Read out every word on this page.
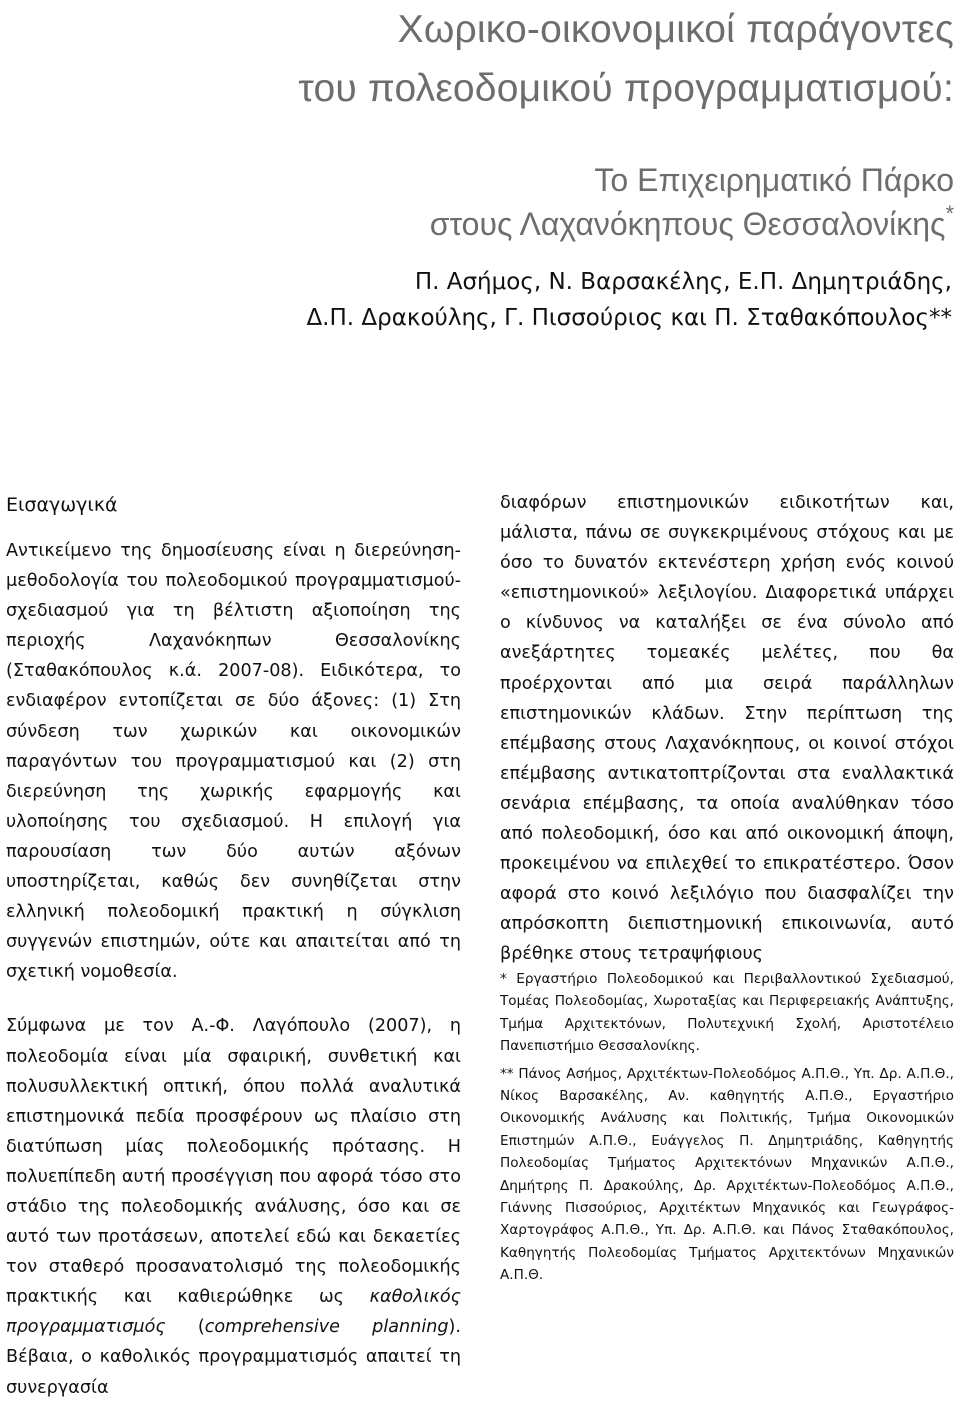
Χωρικο-οικονομικοί παράγοντες
του πολεοδομικού προγραμματισμού:
Το Επιχειρηματικό Πάρκο
στους Λαχανόκηπους Θεσσαλονίκης*
Π. Ασήμος, Ν. Βαρσακέλης, Ε.Π. Δημητριάδης,
Δ.Π. Δρακούλης, Γ. Πισσούριος και Π. Σταθακόπουλος**
Εισαγωγικά

Αντικείμενο της δημοσίευσης είναι η διερεύνηση-μεθοδολογία του πολεοδομικού προγραμματισμού-σχεδιασμού για τη βέλτιστη αξιοποίηση της περιοχής Λαχανόκηπων Θεσσαλονίκης (Σταθακόπουλος κ.ά. 2007-08). Ειδικότερα, το ενδιαφέρον εντοπίζεται σε δύο άξονες: (1) Στη σύνδεση των χωρικών και οικονομικών παραγόντων του προγραμματισμού και (2) στη διερεύνηση της χωρικής εφαρμογής και υλοποίησης του σχεδιασμού. Η επιλογή για παρουσίαση των δύο αυτών αξόνων υποστηρίζεται, καθώς δεν συνηθίζεται στην ελληνική πολεοδομική πρακτική η σύγκλιση συγγενών επιστημών, ούτε και απαιτείται από τη σχετική νομοθεσία.

Σύμφωνα με τον Α.-Φ. Λαγόπουλο (2007), η πολεοδομία είναι μία σφαιρική, συνθετική και πολυσυλλεκτική οπτική, όπου πολλά αναλυτικά επιστημονικά πεδία προσφέρουν ως πλαίσιο στη διατύπωση μίας πολεοδομικής πρότασης. Η πολυεπίπεδη αυτή προσέγγιση που αφορά τόσο στο στάδιο της πολεοδομικής ανάλυσης, όσο και σε αυτό των προτάσεων, αποτελεί εδώ και δεκαετίες τον σταθερό προσανατολισμό της πολεοδομικής πρακτικής και καθιερώθηκε ως καθολικός προγραμματισμός (comprehensive planning). Βέβαια, ο καθολικός προγραμματισμός απαιτεί τη συνεργασία

διαφόρων επιστημονικών ειδικοτήτων και, μάλιστα, πάνω σε συγκεκριμένους στόχους και με όσο το δυνατόν εκτενέστερη χρήση ενός κοινού «επιστημονικού» λεξιλογίου. Διαφορετικά υπάρχει ο κίνδυνος να καταλήξει σε ένα σύνολο από ανεξάρτητες τομεακές μελέτες, που θα προέρχονται από μια σειρά παράλληλων επιστημονικών κλάδων. Στην περίπτωση της επέμβασης στους Λαχανόκηπους, οι κοινοί στόχοι επέμβασης αντικατοπτρίζονται στα εναλλακτικά σενάρια επέμβασης, τα οποία αναλύθηκαν τόσο από πολεοδομική, όσο και από οικονομική άποψη, προκειμένου να επιλεχθεί το επικρατέστερο. Όσον αφορά στο κοινό λεξιλόγιο που διασφαλίζει την απρόσκοπτη διεπιστημονική επικοινωνία, αυτό βρέθηκε στους τετραψήφιους

* Εργαστήριο Πολεοδομικού και Περιβαλλοντικού Σχεδιασμού, Τομέας Πολεοδομίας, Χωροταξίας και Περιφερειακής Ανάπτυξης, Τμήμα Αρχιτεκτόνων, Πολυτεχνική Σχολή, Αριστοτέλειο Πανεπιστήμιο Θεσσαλονίκης.

** Πάνος Ασήμος, Αρχιτέκτων-Πολεοδόμος Α.Π.Θ., Υπ. Δρ. Α.Π.Θ., Νίκος Βαρσακέλης, Αν. καθηγητής Α.Π.Θ., Εργαστήριο Οικονομικής Ανάλυσης και Πολιτικής, Τμήμα Οικονομικών Επιστημών Α.Π.Θ., Ευάγγελος Π. Δημητριάδης, Καθηγητής Πολεοδομίας Τμήματος Αρχιτεκτόνων Μηχανικών Α.Π.Θ., Δημήτρης Π. Δρακούλης, Δρ. Αρχιτέκτων-Πολεοδόμος Α.Π.Θ., Γιάννης Πισσούριος, Αρχιτέκτων Μηχανικός και Γεωγράφος-Χαρτογράφος Α.Π.Θ., Υπ. Δρ. Α.Π.Θ. και Πάνος Σταθακόπουλος, Καθηγητής Πολεοδομίας Τμήματος Αρχιτεκτόνων Μηχανικών Α.Π.Θ.
